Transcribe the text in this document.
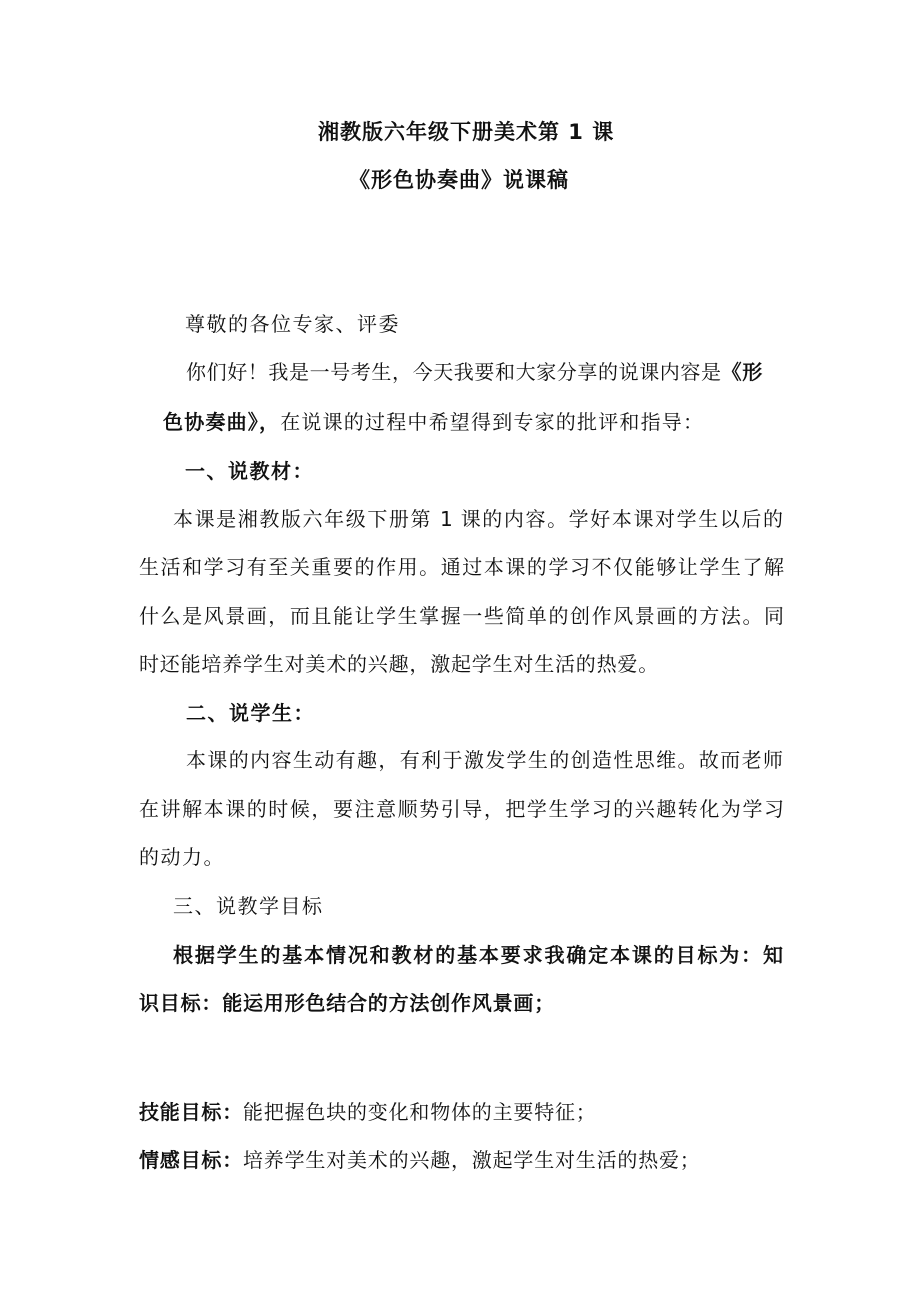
湘教版六年级下册美术第 1 课
《形色协奏曲》说课稿
尊敬的各位专家、评委
你们好！我是一号考生，今天我要和大家分享的说课内容是《形
色协奏曲》，在说课的过程中希望得到专家的批评和指导：
一、说教材：
本课是湘教版六年级下册第 1 课的内容。学好本课对学生以后的
生活和学习有至关重要的作用。通过本课的学习不仅能够让学生了解
什么是风景画，而且能让学生掌握一些简单的创作风景画的方法。同
时还能培养学生对美术的兴趣，激起学生对生活的热爱。
二、说学生：
本课的内容生动有趣，有利于激发学生的创造性思维。故而老师
在讲解本课的时候，要注意顺势引导，把学生学习的兴趣转化为学习
的动力。
三、说教学目标
根据学生的基本情况和教材的基本要求我确定本课的目标为：知
识目标：能运用形色结合的方法创作风景画；
技能目标：能把握色块的变化和物体的主要特征；
情感目标：培养学生对美术的兴趣，激起学生对生活的热爱；
